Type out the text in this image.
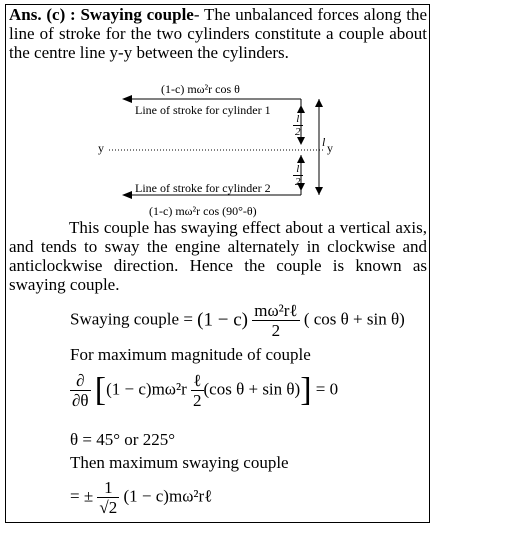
Ans. (c) : Swaying couple- The unbalanced forces along the line of stroke for the two cylinders constitute a couple about the centre line y-y between the cylinders.
(1-c) mω²r cos θ
Line of stroke for cylinder 1
Line of stroke for cylinder 2
(1-c) mω²r cos (90°-θ)
y	y
$\frac{l}{2}$
$\frac{l}{2}$
l
This couple has swaying effect about a vertical axis, and tends to sway the engine alternately in clockwise and anticlockwise direction. Hence the couple is known as swaying couple.
Swaying couple = $(1 - c) \frac{\text{mω²rℓ}}{2}$ ( cos θ + sin θ)
For maximum magnitude of couple
$\frac{\partial}{\partial\theta} [(1 - c)m\omega^2r \frac{\text{ℓ}}{2} (\cos$ θ + sin θ)] = 0
θ = 45° or 225°
Then maximum swaying couple
= ± $\frac{1}{√2} (1$ − c)mω²rℓ
